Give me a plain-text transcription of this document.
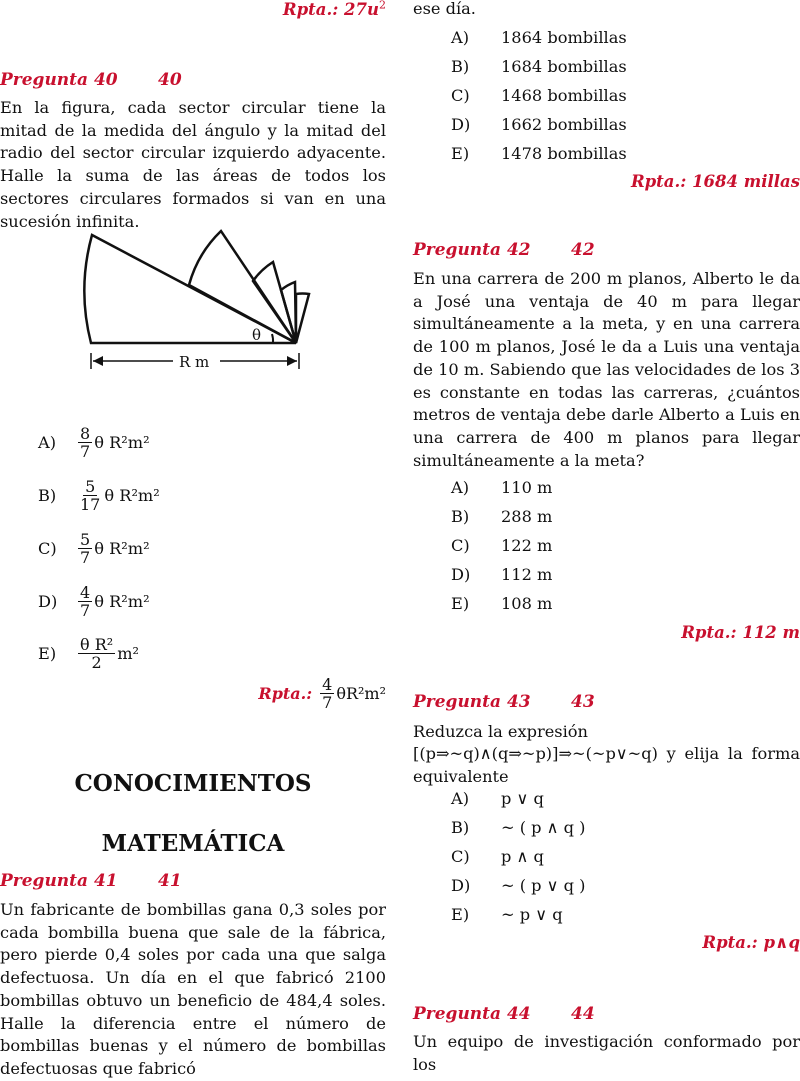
Rpta.: $27u^2$
Pregunta 40 40
En la figura, cada sector circular tiene la mitad de la medida del ángulo y la mitad del radio del sector circular izquierdo adyacente. Halle la suma de las áreas de todos los sectores circulares formados si van en una sucesión infinita.
θ
R m
A)	$\frac{8}{7}$ θ R²m²
B)	$\frac{5}{17}$ θ R²m²
C)	$\frac{5}{7}$ θ R²m²
D)	$\frac{4}{7}$ θ R²m²
E)	$\frac{\text{θ R²}}{2} m^2$
Rpta.: $\frac{4}{7} \theta R^2m^2$
CONOCIMIENTOS
MATEMÁTICA
Pregunta 41 41
Un fabricante de bombillas gana 0,3 soles por cada bombilla buena que sale de la fábrica, pero pierde 0,4 soles por cada una que salga defectuosa. Un día en el que fabricó 2100 bombillas obtuvo un beneficio de 484,4 soles. Halle la diferencia entre el número de bombillas buenas y el número de bombillas defectuosas que fabricó
ese día.
A) 1864 bombillas
B) 1684 bombillas
C) 1468 bombillas
D) 1662 bombillas
E) 1478 bombillas
Rpta.: 1684 millas
Pregunta 42 42
En una carrera de 200 m planos, Alberto le da a José una ventaja de 40 m para llegar simultáneamente a la meta, y en una carrera de 100 m planos, José le da a Luis una ventaja de 10 m. Sabiendo que las velocidades de los 3 es constante en todas las carreras, ¿cuántos metros de ventaja debe darle Alberto a Luis en una carrera de 400 m planos para llegar simultáneamente a la meta?
A) 110 m
B) 288 m
C) 122 m
D) 112 m
E) 108 m
Rpta.: 112 m
Pregunta 43 43
Reduzca la expresión
[(p⇒~q)∧(q⇒~p)]⇒~(~p∨~q) y elija la forma equivalente
A) p ∨ q
B) ~ ( p ∧ q )
C) p ∧ q
D) ~ ( p ∨ q )
E) ~ p ∨ q
Rpta.: p∧q
Pregunta 44 44
Un equipo de investigación conformado por los
